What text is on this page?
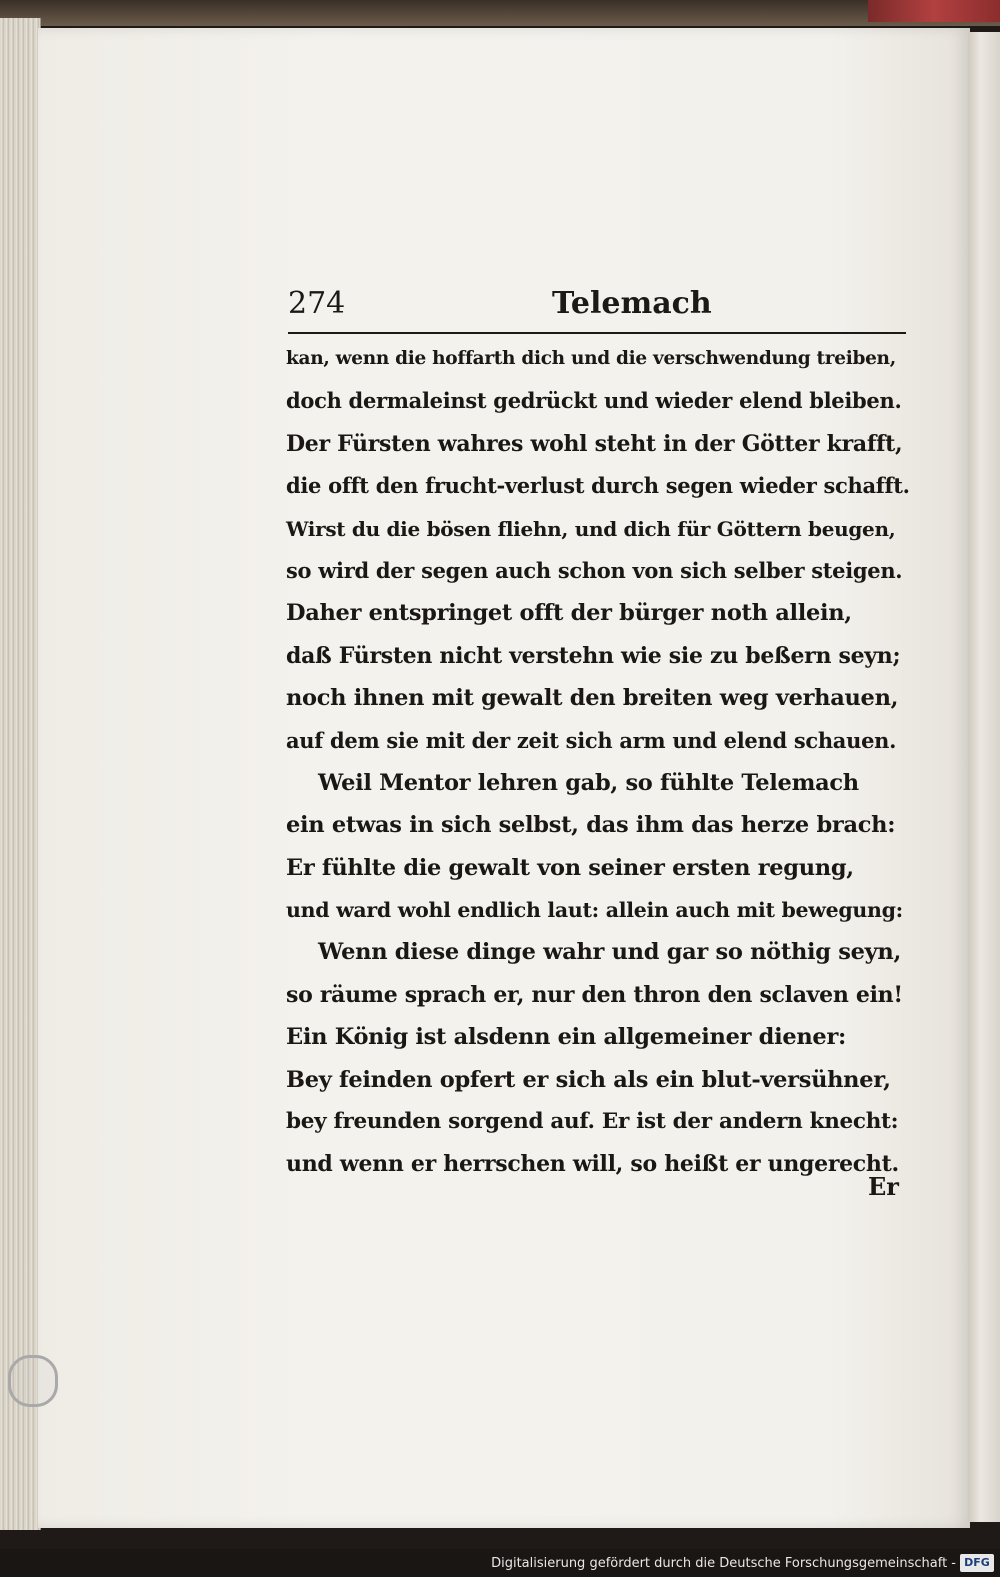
274	Telemach
kan, wenn die hoffarth dich und die verschwendung treiben,
doch dermaleinst gedrückt und wieder elend bleiben.
Der Fürsten wahres wohl steht in der Götter krafft,
die offt den frucht-verlust durch segen wieder schafft.
Wirst du die bösen fliehn, und dich für Göttern beugen,
so wird der segen auch schon von sich selber steigen.
Daher entspringet offt der bürger noth allein,
daß Fürsten nicht verstehn wie sie zu beßern seyn;
noch ihnen mit gewalt den breiten weg verhauen,
auf dem sie mit der zeit sich arm und elend schauen.
Weil Mentor lehren gab, so fühlte Telemach
ein etwas in sich selbst, das ihm das herze brach:
Er fühlte die gewalt von seiner ersten regung,
und ward wohl endlich laut: allein auch mit bewegung:
Wenn diese dinge wahr und gar so nöthig seyn,
so räume sprach er, nur den thron den sclaven ein!
Ein König ist alsdenn ein allgemeiner diener:
Bey feinden opfert er sich als ein blut-versühner,
bey freunden sorgend auf. Er ist der andern knecht:
und wenn er herrschen will, so heißt er ungerecht.
Er
Digitalisierung gefördert durch die Deutsche Forschungsgemeinschaft - DFG
